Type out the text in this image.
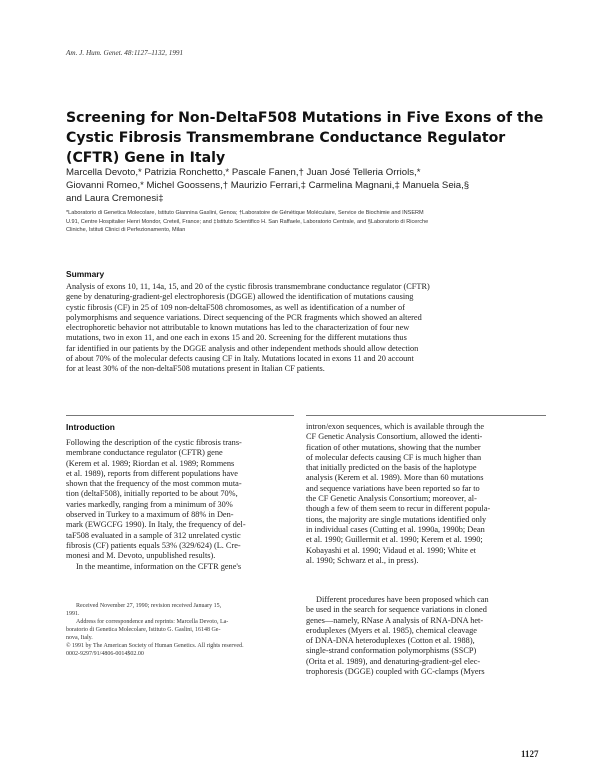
Am. J. Hum. Genet. 48:1127–1132, 1991
Screening for Non-DeltaF508 Mutations in Five Exons of the
Cystic Fibrosis Transmembrane Conductance Regulator
(CFTR) Gene in Italy
Marcella Devoto,* Patrizia Ronchetto,* Pascale Fanen,† Juan José Telleria Orriols,*
Giovanni Romeo,* Michel Goossens,† Maurizio Ferrari,‡ Carmelina Magnani,‡ Manuela Seia,§
and Laura Cremonesi‡
*Laboratorio di Genetica Molecolare, Istituto Giannina Gaslini, Genoa; †Laboratoire de Génétique Moléculaire, Service de Biochimie and INSERM
U.91, Centre Hospitalier Henri Mondor, Creteil, France; and ‡Istituto Scientifico H. San Raffaele, Laboratorio Centrale, and §Laboratorio di Ricerche
Cliniche, Istituti Clinici di Perfezionamento, Milan
Summary
Analysis of exons 10, 11, 14a, 15, and 20 of the cystic fibrosis transmembrane conductance regulator (CFTR)
gene by denaturing-gradient-gel electrophoresis (DGGE) allowed the identification of mutations causing
cystic fibrosis (CF) in 25 of 109 non-deltaF508 chromosomes, as well as identification of a number of
polymorphisms and sequence variations. Direct sequencing of the PCR fragments which showed an altered
electrophoretic behavior not attributable to known mutations has led to the characterization of four new
mutations, two in exon 11, and one each in exons 15 and 20. Screening for the different mutations thus
far identified in our patients by the DGGE analysis and other independent methods should allow detection
of about 70% of the molecular defects causing CF in Italy. Mutations located in exons 11 and 20 account
for at least 30% of the non-deltaF508 mutations present in Italian CF patients.
Introduction
Following the description of the cystic fibrosis trans-
membrane conductance regulator (CFTR) gene
(Kerem et al. 1989; Riordan et al. 1989; Rommens
et al. 1989), reports from different populations have
shown that the frequency of the most common muta-
tion (deltaF508), initially reported to be about 70%,
varies markedly, ranging from a minimum of 30%
observed in Turkey to a maximum of 88% in Den-
mark (EWGCFG 1990). In Italy, the frequency of del-
taF508 evaluated in a sample of 312 unrelated cystic
fibrosis (CF) patients equals 53% (329/624) (L. Cre-
monesi and M. Devoto, unpublished results).
In the meantime, information on the CFTR gene's
intron/exon sequences, which is available through the
CF Genetic Analysis Consortium, allowed the identi-
fication of other mutations, showing that the number
of molecular defects causing CF is much higher than
that initially predicted on the basis of the haplotype
analysis (Kerem et al. 1989). More than 60 mutations
and sequence variations have been reported so far to
the CF Genetic Analysis Consortium; moreover, al-
though a few of them seem to recur in different popula-
tions, the majority are single mutations identified only
in individual cases (Cutting et al. 1990a, 1990b; Dean
et al. 1990; Guillermit et al. 1990; Kerem et al. 1990;
Kobayashi et al. 1990; Vidaud et al. 1990; White et
al. 1990; Schwarz et al., in press).
Different procedures have been proposed which can
be used in the search for sequence variations in cloned
genes—namely, RNase A analysis of RNA-DNA het-
eroduplexes (Myers et al. 1985), chemical cleavage
of DNA-DNA heteroduplexes (Cotton et al. 1988),
single-strand conformation polymorphisms (SSCP)
(Orita et al. 1989), and denaturing-gradient-gel elec-
trophoresis (DGGE) coupled with GC-clamps (Myers
Received November 27, 1990; revision received January 15,
1991.
Address for correspondence and reprints: Marcella Devoto, La-
boratorio di Genetica Molecolare, Istituto G. Gaslini, 16148 Ge-
nova, Italy.
© 1991 by The American Society of Human Genetics. All rights reserved.
0002-9297/91/4806-0014$02.00
1127
